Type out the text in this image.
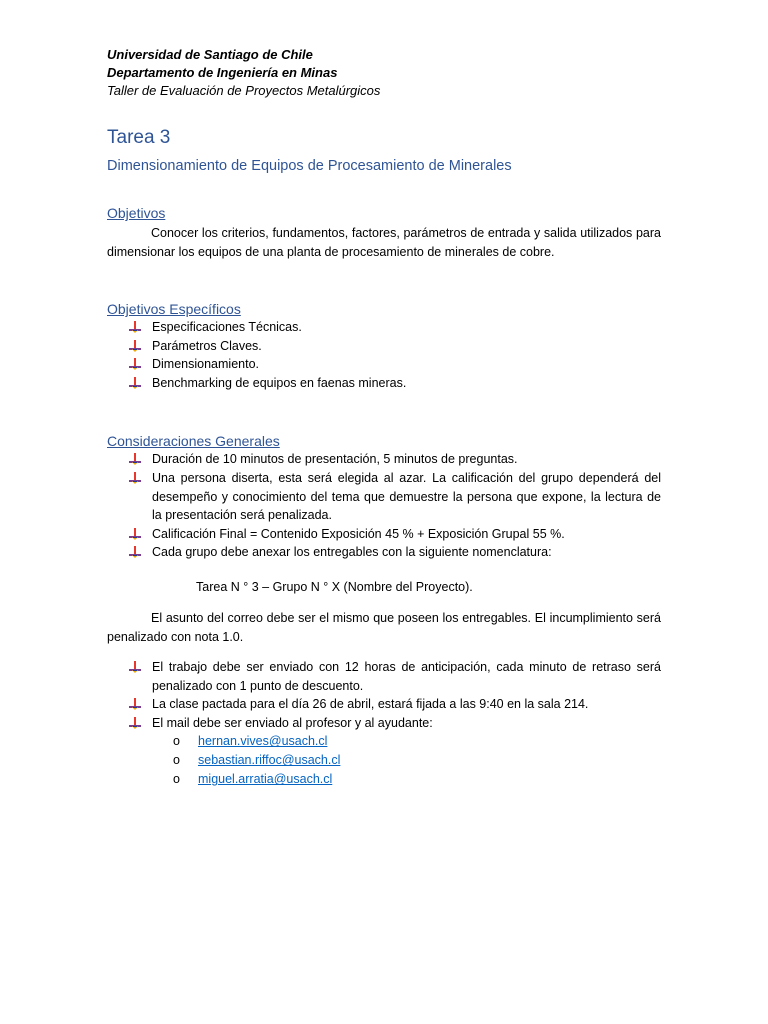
Universidad de Santiago de Chile
Departamento de Ingeniería en Minas
Taller de Evaluación de Proyectos Metalúrgicos
Tarea 3
Dimensionamiento de Equipos de Procesamiento de Minerales
Objetivos
Conocer los criterios, fundamentos, factores, parámetros de entrada y salida utilizados para dimensionar los equipos de una planta de procesamiento de minerales de cobre.
Objetivos Específicos
Especificaciones Técnicas.
Parámetros Claves.
Dimensionamiento.
Benchmarking de equipos en faenas mineras.
Consideraciones Generales
Duración de 10 minutos de presentación, 5 minutos de preguntas.
Una persona diserta, esta será elegida al azar. La calificación del grupo dependerá del desempeño y conocimiento del tema que demuestre la persona que expone, la lectura de la presentación será penalizada.
Calificación Final = Contenido Exposición 45 % + Exposición Grupal 55 %.
Cada grupo debe anexar los entregables con la siguiente nomenclatura:
Tarea N ° 3 – Grupo N ° X (Nombre del Proyecto).
El asunto del correo debe ser el mismo que poseen los entregables. El incumplimiento será penalizado con nota 1.0.
El trabajo debe ser enviado con 12 horas de anticipación, cada minuto de retraso será penalizado con 1 punto de descuento.
La clase pactada para el día 26 de abril, estará fijada a las 9:40 en la sala 214.
El mail debe ser enviado al profesor y al ayudante:
o hernan.vives@usach.cl
o sebastian.riffoc@usach.cl
o miguel.arratia@usach.cl
